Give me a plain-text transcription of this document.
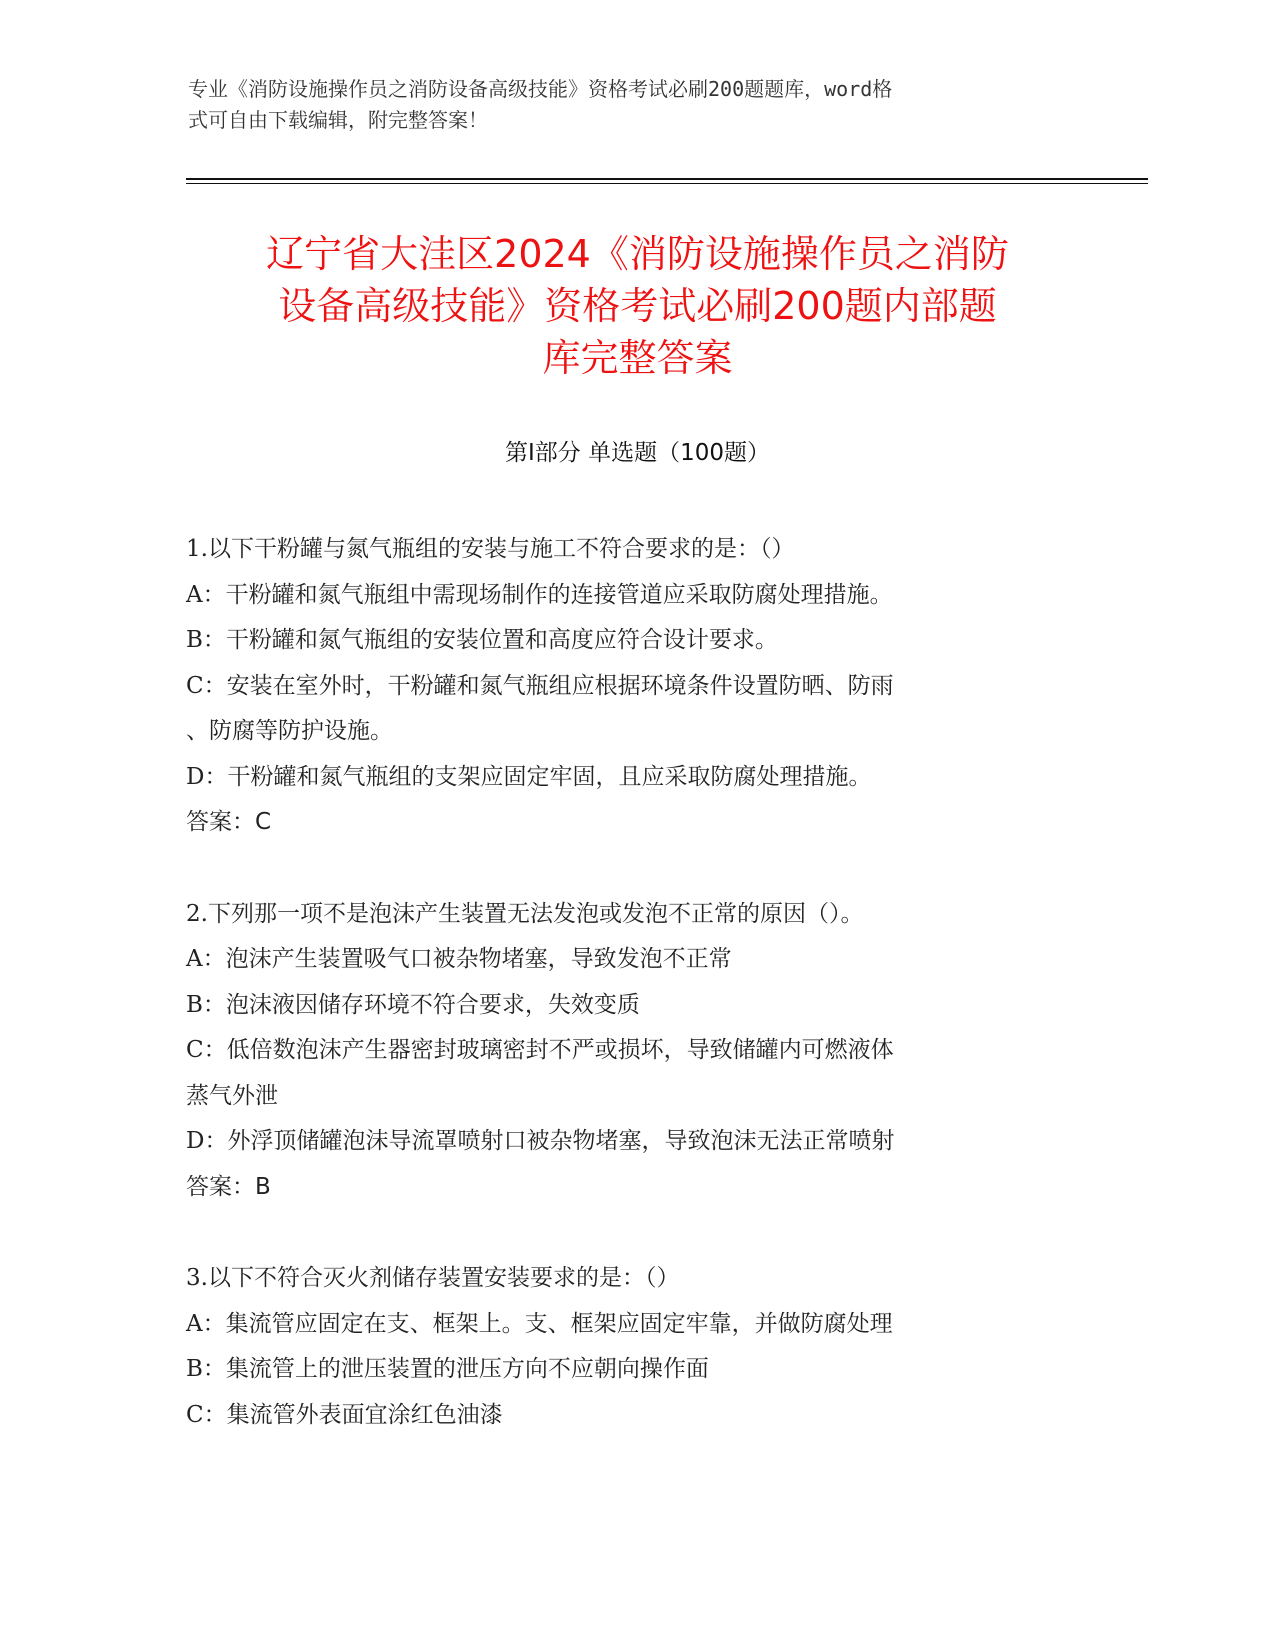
专业《消防设施操作员之消防设备高级技能》资格考试必刷200题题库，word格
式可自由下载编辑，附完整答案！
辽宁省大洼区2024《消防设施操作员之消防
设备高级技能》资格考试必刷200题内部题
库完整答案
第Ⅰ部分 单选题（100题）

1.以下干粉罐与氮气瓶组的安装与施工不符合要求的是：（）

A：干粉罐和氮气瓶组中需现场制作的连接管道应采取防腐处理措施。

B：干粉罐和氮气瓶组的安装位置和高度应符合设计要求。

C：安装在室外时，干粉罐和氮气瓶组应根据环境条件设置防晒、防雨

、防腐等防护设施。

D：干粉罐和氮气瓶组的支架应固定牢固，且应采取防腐处理措施。

答案：C

2.下列那一项不是泡沫产生装置无法发泡或发泡不正常的原因（）。

A：泡沫产生装置吸气口被杂物堵塞，导致发泡不正常

B：泡沫液因储存环境不符合要求，失效变质

C：低倍数泡沫产生器密封玻璃密封不严或损坏，导致储罐内可燃液体

蒸气外泄

D：外浮顶储罐泡沫导流罩喷射口被杂物堵塞，导致泡沫无法正常喷射

答案：B

3.以下不符合灭火剂储存装置安装要求的是：（）

A：集流管应固定在支、框架上。支、框架应固定牢靠，并做防腐处理

B：集流管上的泄压装置的泄压方向不应朝向操作面

C：集流管外表面宜涂红色油漆
